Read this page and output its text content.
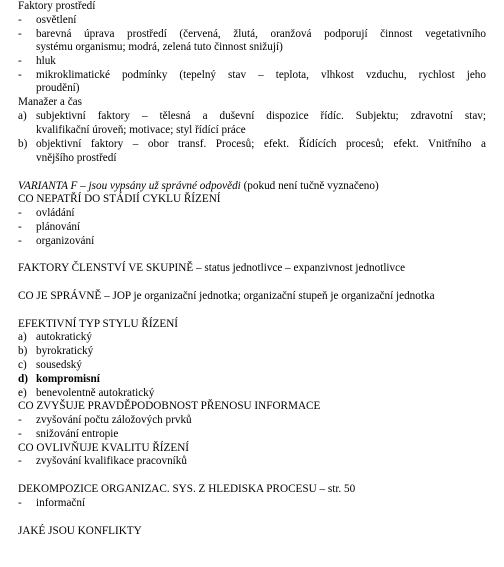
Faktory prostředí
- osvětlení
- barevná úprava prostředí (červená, žlutá, oranžová podporují činnost vegetativního
systému organismu; modrá, zelená tuto činnost snižují)
- hluk
- mikroklimatické podmínky (tepelný stav – teplota, vlhkost vzduchu, rychlost jeho
proudění)
Manažer a čas
a) subjektivní faktory – tělesná a duševní dispozice řídíc. Subjektu; zdravotní stav;
kvalifikační úroveň; motivace; styl řídící práce
b) objektivní faktory – obor transf. Procesů; efekt. Řídících procesů; efekt. Vnitřního a
vnějšího prostředí
VARIANTA F – jsou vypsány už správné odpovědi (pokud není tučně vyznačeno)
CO NEPATŘÍ DO STÁDIÍ CYKLU ŘÍZENÍ
- ovládání
- plánování
- organizování
FAKTORY ČLENSTVÍ VE SKUPINĚ – status jednotlivce – expanzivnost jednotlivce
CO JE SPRÁVNĚ – JOP je organizační jednotka; organizační stupeň je organizační jednotka
EFEKTIVNÍ TYP STYLU ŘÍZENÍ
a) autokratický
b) byrokratický
c) sousedský
d) kompromisní
e) benevolentně autokratický
CO ZVYŠUJE PRAVDĚPODOBNOST PŘENOSU INFORMACE
- zvyšování počtu záložových prvků
- snižování entropie
CO OVLIVŇUJE KVALITU ŘÍZENÍ
- zvyšování kvalifikace pracovníků
DEKOMPOZICE ORGANIZAC. SYS. Z HLEDISKA PROCESU – str. 50
- informační
JAKÉ JSOU KONFLIKTY
